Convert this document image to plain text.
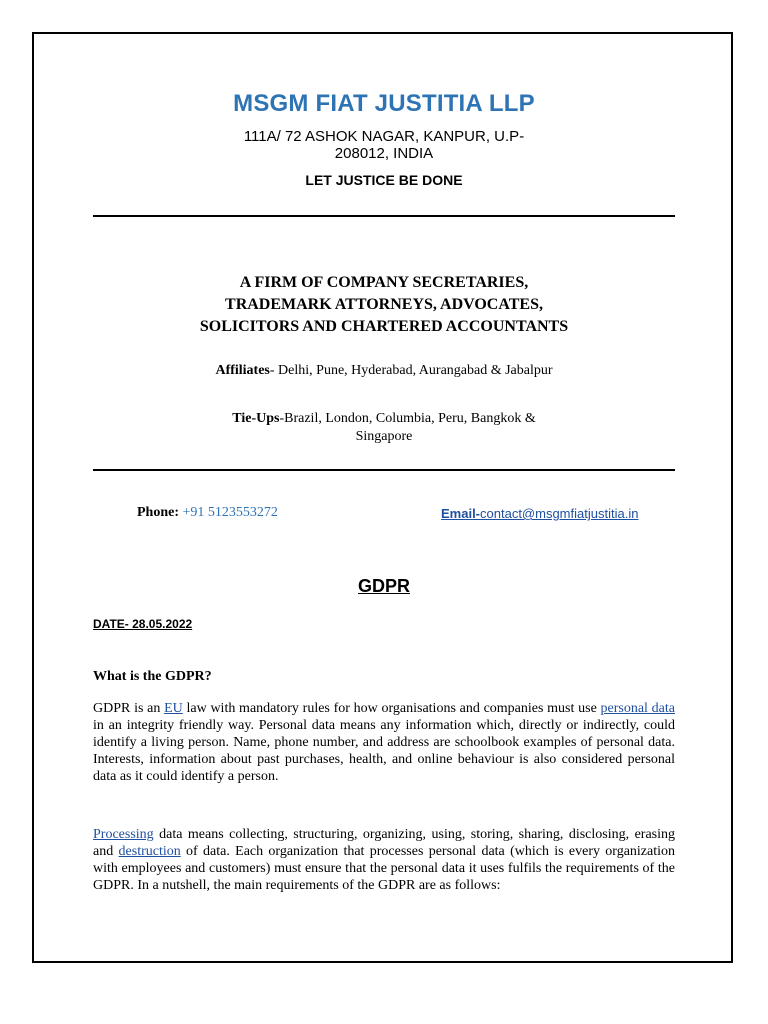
MSGM FIAT JUSTITIA LLP
111A/ 72 ASHOK NAGAR, KANPUR, U.P-208012, INDIA
LET JUSTICE BE DONE
A FIRM OF COMPANY SECRETARIES, TRADEMARK ATTORNEYS, ADVOCATES, SOLICITORS AND CHARTERED ACCOUNTANTS
Affiliates- Delhi, Pune, Hyderabad, Aurangabad & Jabalpur
Tie-Ups-Brazil, London, Columbia, Peru, Bangkok & Singapore
Phone: +91 5123553272	Email-contact@msgmfiatjustitia.in
GDPR
DATE- 28.05.2022
What is the GDPR?
GDPR is an EU law with mandatory rules for how organisations and companies must use personal data in an integrity friendly way. Personal data means any information which, directly or indirectly, could identify a living person. Name, phone number, and address are schoolbook examples of personal data. Interests, information about past purchases, health, and online behaviour is also considered personal data as it could identify a person.
Processing data means collecting, structuring, organizing, using, storing, sharing, disclosing, erasing and destruction of data. Each organization that processes personal data (which is every organization with employees and customers) must ensure that the personal data it uses fulfils the requirements of the GDPR. In a nutshell, the main requirements of the GDPR are as follows:
